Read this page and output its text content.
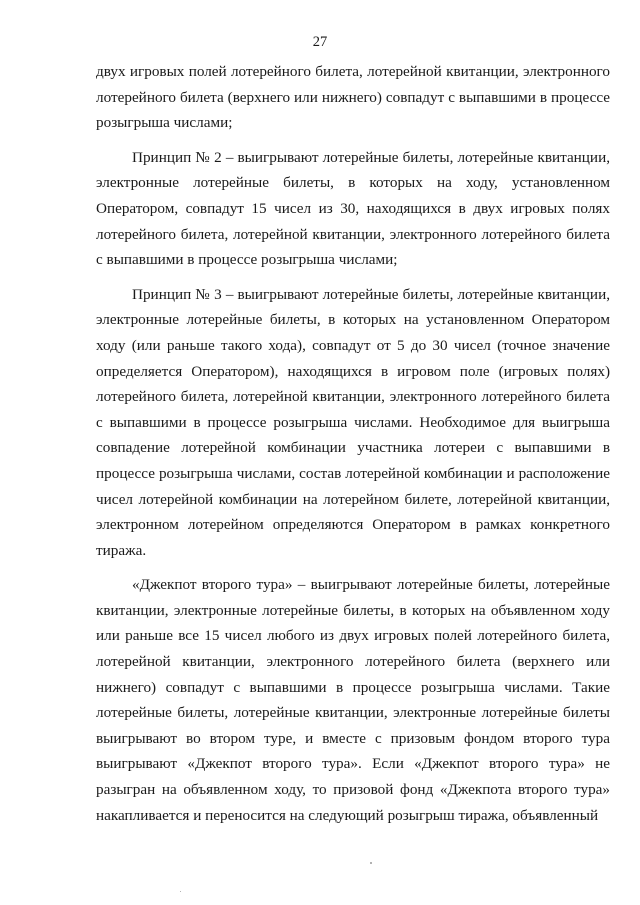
27

двух игровых полей лотерейного билета, лотерейной квитанции, электронного лотерейного билета (верхнего или нижнего) совпадут с выпавшими в процессе розыгрыша числами;

Принцип № 2 – выигрывают лотерейные билеты, лотерейные квитанции, электронные лотерейные билеты, в которых на ходу, установленном Оператором, совпадут 15 чисел из 30, находящихся в двух игровых полях лотерейного билета, лотерейной квитанции, электронного лотерейного билета с выпавшими в процессе розыгрыша числами;

Принцип № 3 – выигрывают лотерейные билеты, лотерейные квитанции, электронные лотерейные билеты, в которых на установленном Оператором ходу (или раньше такого хода), совпадут от 5 до 30 чисел (точное значение определяется Оператором), находящихся в игровом поле (игровых полях) лотерейного билета, лотерейной квитанции, электронного лотерейного билета с выпавшими в процессе розыгрыша числами. Необходимое для выигрыша совпадение лотерейной комбинации участника лотереи с выпавшими в процессе розыгрыша числами, состав лотерейной комбинации и расположение чисел лотерейной комбинации на лотерейном билете, лотерейной квитанции, электронном лотерейном определяются Оператором в рамках конкретного тиража.

«Джекпот второго тура» – выигрывают лотерейные билеты, лотерейные квитанции, электронные лотерейные билеты, в которых на объявленном ходу или раньше все 15 чисел любого из двух игровых полей лотерейного билета, лотерейной квитанции, электронного лотерейного билета (верхнего или нижнего) совпадут с выпавшими в процессе розыгрыша числами. Такие лотерейные билеты, лотерейные квитанции, электронные лотерейные билеты выигрывают во втором туре, и вместе с призовым фондом второго тура выигрывают «Джекпот второго тура». Если «Джекпот второго тура» не разыгран на объявленном ходу, то призовой фонд «Джекпота второго тура» накапливается и переносится на следующий розыгрыш тиража, объявленный
